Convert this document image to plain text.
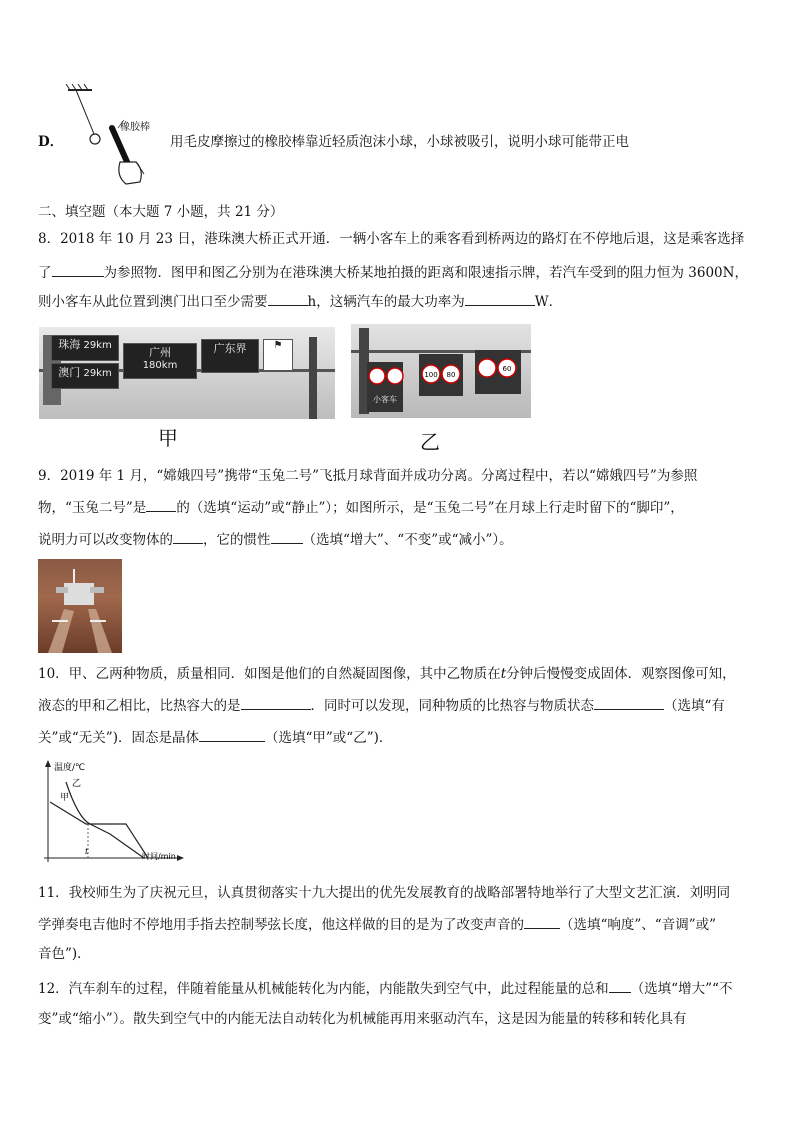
橡胶棒
D．	用毛皮摩擦过的橡胶棒靠近轻质泡沫小球，小球被吸引，说明小球可能带正电
二、填空题（本大题 7 小题，共 21 分）
8．2018 年 10 月 23 日，港珠澳大桥正式开通．一辆小客车上的乘客看到桥两边的路灯在不停地后退，这是乘客选择
了	为参照物．图甲和图乙分别为在港珠澳大桥某地拍摄的距离和限速指示牌，若汽车受到的阻力恒为 3600N，
则小客车从此位置到澳门出口至少需要	h，这辆汽车的最大功率为	W．
珠海 29km
澳门 29km
广州
180km
广东界	⚑
甲
100 80
60
小客车
乙
9．2019 年 1 月，“嫦娥四号”携带“玉兔二号”飞抵月球背面并成功分离。分离过程中，若以“嫦娥四号”为参照
物，“玉兔二号”是 的（选填“运动”或“静止”）；如图所示，是“玉兔二号”在月球上行走时留下的“脚印”，
说明力可以改变物体的 ，它的惯性 （选填“增大”、“不变”或“减小”）。
10．甲、乙两种物质，质量相同．如图是他们的自然凝固图像，其中乙物质在t分钟后慢慢变成固体．观察图像可知，
液态的甲和乙相比，比热容大的是	．同时可以发现，同种物质的比热容与物质状态	（选填“有
关”或“无关”)．固态是晶体	（选填“甲”或“乙”)．
温度/℃
时间/min
甲
乙
t
11．我校师生为了庆祝元旦，认真贯彻落实十九大提出的优先发展教育的战略部署特地举行了大型文艺汇演．刘明同
学弹奏电吉他时不停地用手指去控制琴弦长度，他这样做的目的是为了改变声音的	（选填“响度”、“音调”或”
音色”)．
12．汽车刹车的过程，伴随着能量从机械能转化为内能，内能散失到空气中，此过程能量的总和 （选填“增大”“不
变”或“缩小”）。散失到空气中的内能无法自动转化为机械能再用来驱动汽车，这是因为能量的转移和转化具有
